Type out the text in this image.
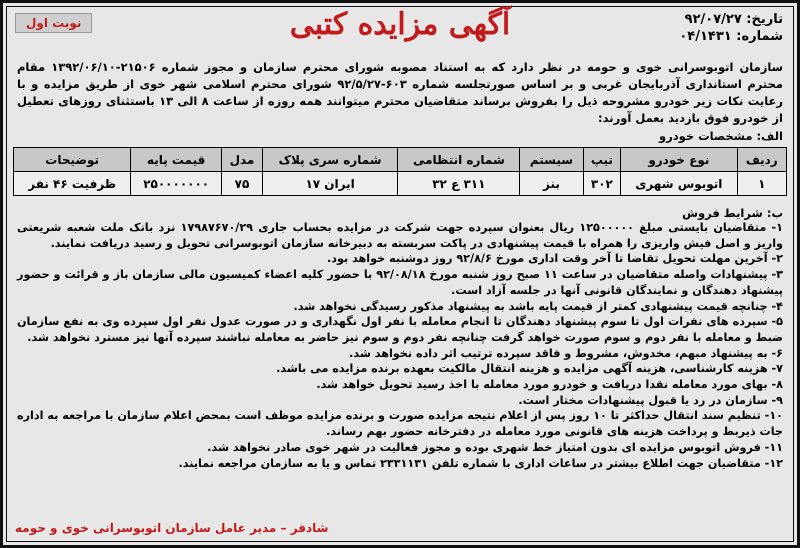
تاریخ: ۹۲/۰۷/۲۷
شماره: ۰۴/۱۴۳۱
آگهی مزایده کتبی
نوبت اول

سازمان اتوبوسرانی خوی و حومه در نظر دارد که به استناد مصوبه شورای محترم سازمان و مجوز شماره ۲۱۵۰۶-۱۳۹۲/۰۶/۱۰ مقام محترم استانداری آذربایجان غربی و بر اساس صورتجلسه شماره ۶۰۳-۹۲/۵/۲۷ شورای محترم اسلامی شهر خوی از طریق مزایده و با رعایت نکات زیر خودرو مشروحه ذیل را بفروش برساند متقاضیان محترم میتوانند همه روزه از ساعت ۸ الی ۱۳ باستثنای روزهای تعطیل از خودرو فوق بازدید بعمل آورند:

الف: مشخصات خودرو
ردیف	نوع خودرو	تیپ	سیستم	شماره انتظامی	شماره سری پلاک	مدل	قیمت پایه	توضیحات
۱	اتوبوس شهری	۳۰۲	بنز	۳۱۱ ع ۳۲	ایران ۱۷	۷۵	۲۵۰۰۰۰۰۰۰	ظرفیت ۴۶ نفر
ب: شرایط فروش
۱- متقاضیان بایستی مبلغ ۱۲۵۰۰۰۰۰ ریال بعنوان سپرده جهت شرکت در مزایده بحساب جاری ۱۷۹۸۷۶۷۰/۲۹ نزد بانک ملت شعبه شریعتی واریز و اصل فیش واریزی را همراه با قیمت پیشنهادی در پاکت سربسته به دبیرخانه سازمان اتوبوسرانی تحویل و رسید دریافت نمایند.
۲- آخرین مهلت تحویل تقاضا تا آخر وقت اداری مورخ ۹۲/۸/۶ روز دوشنبه خواهد بود.
۳- پیشنهادات واصله متقاضیان در ساعت ۱۱ صبح روز شنبه مورخ ۹۲/۰۸/۱۸ با حضور کلیه اعضاء کمیسیون مالی سازمان باز و قرائت و حضور پیشنهاد دهندگان و نمایندگان قانونی آنها در جلسه آزاد است.
۴- چنانچه قیمت پیشنهادی کمتر از قیمت پایه باشد به پیشنهاد مذکور رسیدگی نخواهد شد.
۵- سپرده های نفرات اول تا سوم پیشنهاد دهندگان تا انجام معامله با نفر اول نگهداری و در صورت عدول نفر اول سپرده وی به نفع سازمان ضبط و معامله با نفر دوم و سوم صورت خواهد گرفت چنانچه نفر دوم و سوم نیز حاضر به معامله نباشند سپرده آنها نیز مسترد نخواهد شد.
۶- به پیشنهاد مبهم، مخدوش، مشروط و فاقد سپرده ترتیب اثر داده نخواهد شد.
۷- هزینه کارشناسی، هزینه آگهی مزایده و هزینه انتقال مالکیت بعهده برنده مزایده می باشد.
۸- بهای مورد معامله نقدا دریافت و خودرو مورد معامله با اخذ رسید تحویل خواهد شد.
۹- سازمان در رد یا قبول پیشنهادات مختار است.
۱۰- تنظیم سند انتقال حداکثر تا ۱۰ روز پس از اعلام نتیجه مزایده صورت و برنده مزایده موظف است بمحض اعلام سازمان با مراجعه به اداره جات ذیربط و پرداخت هزینه های قانونی مورد معامله در دفترخانه حضور بهم رساند.
۱۱- فروش اتوبوس مزایده ای بدون امتیاز خط شهری بوده و مجوز فعالیت در شهر خوی صادر نخواهد شد.
۱۲- متقاضیان جهت اطلاع بیشتر در ساعات اداری با شماره تلفن ۲۳۳۱۱۳۱ تماس و یا به سازمان مراجعه نمایند.
شادفر – مدیر عامل سازمان اتوبوسرانی خوی و حومه
